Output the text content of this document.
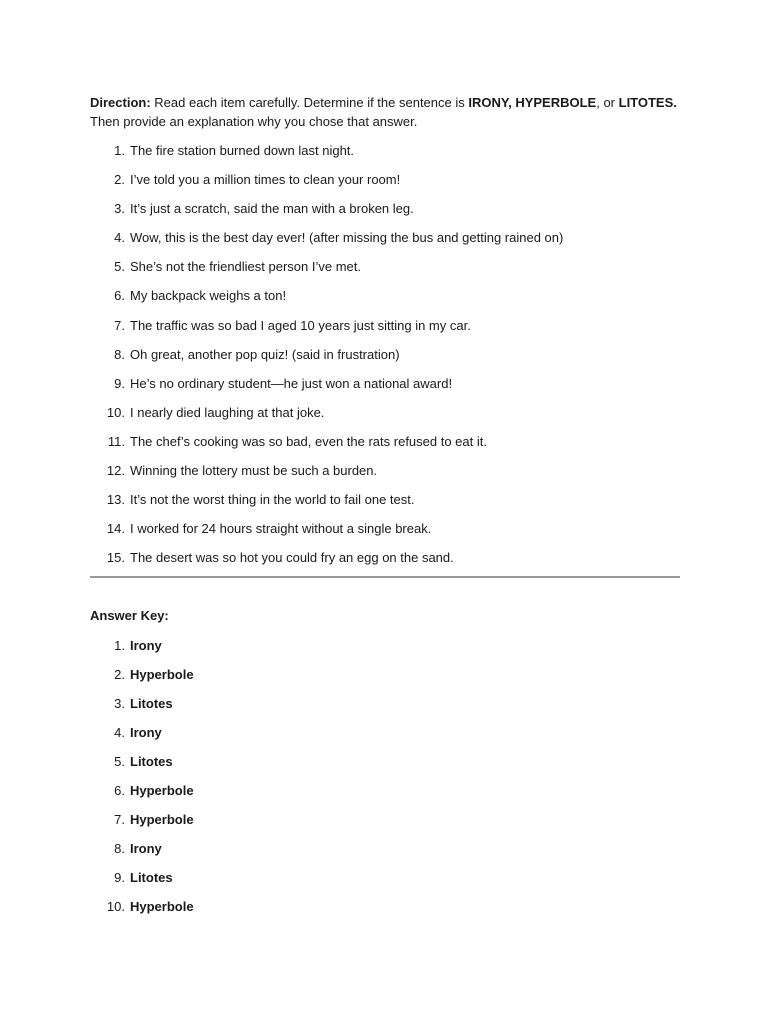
Direction: Read each item carefully. Determine if the sentence is IRONY, HYPERBOLE, or LITOTES. Then provide an explanation why you chose that answer.

1. The fire station burned down last night.
2. I’ve told you a million times to clean your room!
3. It’s just a scratch, said the man with a broken leg.
4. Wow, this is the best day ever! (after missing the bus and getting rained on)
5. She’s not the friendliest person I’ve met.
6. My backpack weighs a ton!
7. The traffic was so bad I aged 10 years just sitting in my car.
8. Oh great, another pop quiz! (said in frustration)
9. He’s no ordinary student—he just won a national award!
10. I nearly died laughing at that joke.
11. The chef’s cooking was so bad, even the rats refused to eat it.
12. Winning the lottery must be such a burden.
13. It’s not the worst thing in the world to fail one test.
14. I worked for 24 hours straight without a single break.
15. The desert was so hot you could fry an egg on the sand.

Answer Key:

1. Irony
2. Hyperbole
3. Litotes
4. Irony
5. Litotes
6. Hyperbole
7. Hyperbole
8. Irony
9. Litotes
10. Hyperbole
